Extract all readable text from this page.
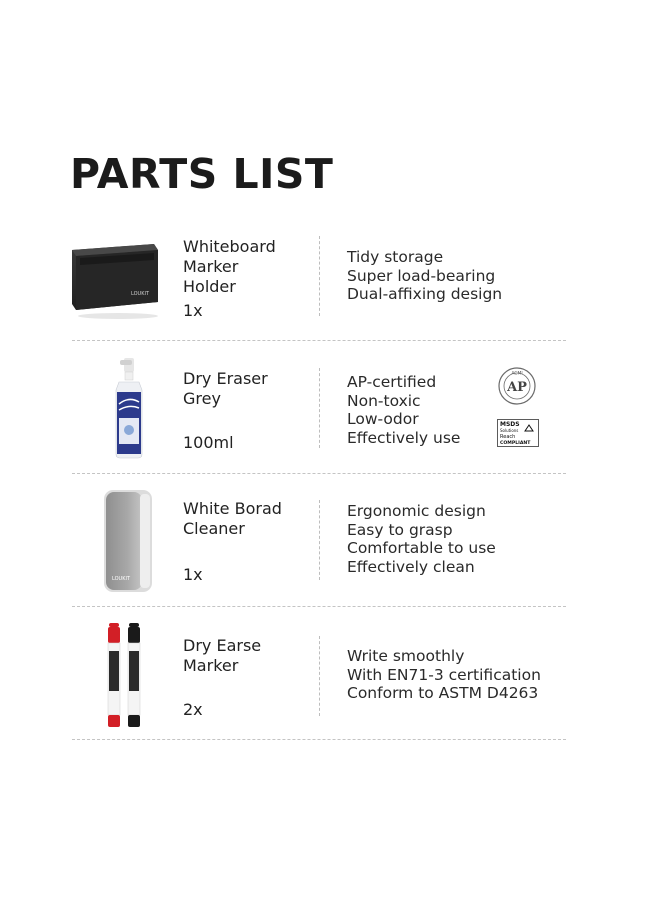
PARTS LIST
LOUKIT
Whiteboard
Marker
Holder
1x
Tidy storage
Super load-bearing
Dual-affixing design
Dry Eraser
Grey
100ml
AP-certified
Non-toxic
Low-odor
Effectively use
ACMI
AP
MSDS
Solutions
Reach
COMPLIANT
LOUKIT
White Borad
Cleaner
1x
Ergonomic design
Easy to grasp
Comfortable to use
Effectively clean
Dry Earse
Marker
2x
Write smoothly
With EN71-3 certification
Conform to ASTM D4263
